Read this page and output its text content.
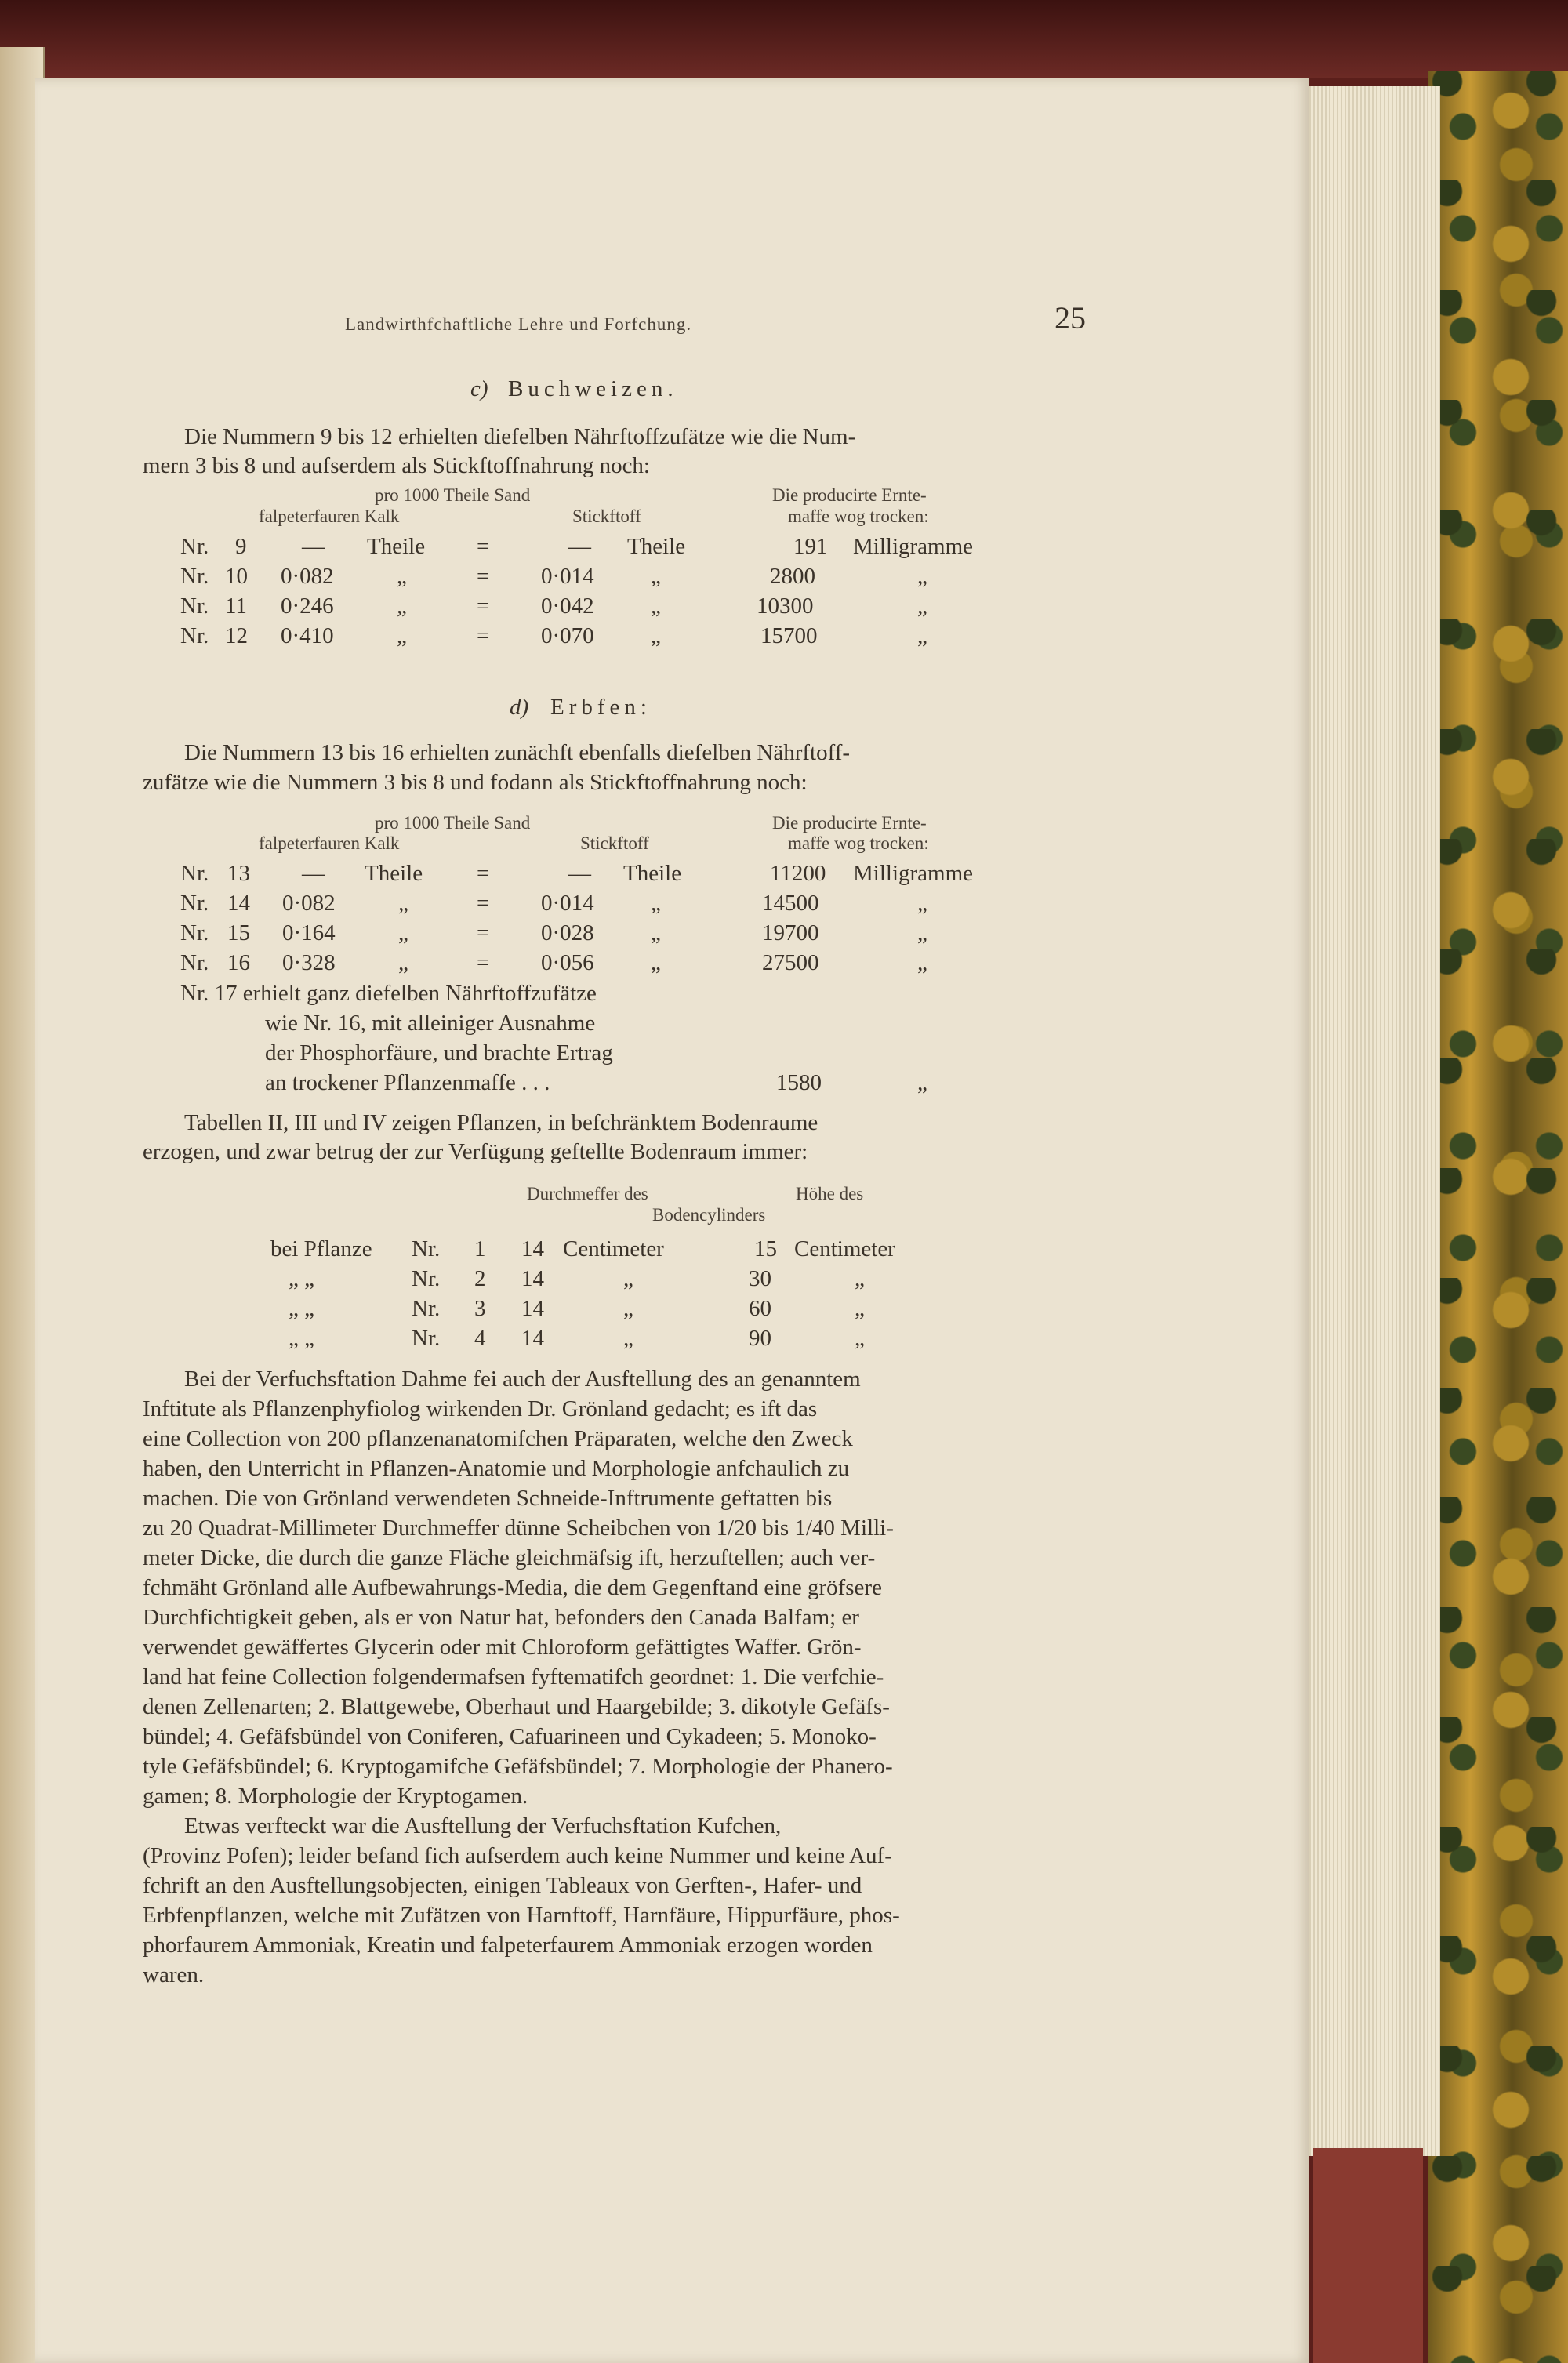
Landwirthfchaftliche Lehre und Forfchung.	25
c) Buchweizen.
Die Nummern 9 bis 12 erhielten diefelben Nährftoffzufätze wie die Num-
mern 3 bis 8 und aufserdem als Stickftoffnahrung noch:
pro 1000 Theile Sand
falpeterfauren Kalk	Stickftoff
Die producirte Ernte-
maffe wog trocken:
Nr. 9 — Theile =	— Theile	191 Milligramme
Nr. 10 0·082	„	= 0·014 „	2800	„
Nr. 11 0·246	„	= 0·042 „	10300	„
Nr. 12 0·410	„	= 0·070 „	15700	„
d) Erbfen:
Die Nummern 13 bis 16 erhielten zunächft ebenfalls diefelben Nährftoff-
zufätze wie die Nummern 3 bis 8 und fodann als Stickftoffnahrung noch:
pro 1000 Theile Sand
falpeterfauren Kalk	Stickftoff
Die producirte Ernte-
maffe wog trocken:
Nr. 13 — Theile =	— Theile	11200 Milligramme
Nr. 14 0·082	„	= 0·014 „	14500	„
Nr. 15 0·164	„	= 0·028 „	19700	„
Nr. 16 0·328	„	= 0·056 „	27500	„
Nr. 17 erhielt ganz diefelben Nährftoffzufätze
wie Nr. 16, mit alleiniger Ausnahme
der Phosphorfäure, und brachte Ertrag
an trockener Pflanzenmaffe . . .	1580	„
Tabellen II, III und IV zeigen Pflanzen, in befchränktem Bodenraume
erzogen, und zwar betrug der zur Verfügung geftellte Bodenraum immer:
Durchmeffer des
Bodencylinders
Höhe des
bei Pflanze Nr. 1 14 Centimeter	15 Centimeter
„ „	Nr. 2 14	„	30	„
„ „	Nr. 3 14	„	60	„
„ „	Nr. 4 14	„	90	„
Bei der Verfuchsftation Dahme fei auch der Ausftellung des an genanntem
Inftitute als Pflanzenphyfiolog wirkenden Dr. Grönland gedacht; es ift das
eine Collection von 200 pflanzenanatomifchen Präparaten, welche den Zweck
haben, den Unterricht in Pflanzen-Anatomie und Morphologie anfchaulich zu
machen. Die von Grönland verwendeten Schneide-Inftrumente geftatten bis
zu 20 Quadrat-Millimeter Durchmeffer dünne Scheibchen von 1/20 bis 1/40 Milli-
meter Dicke, die durch die ganze Fläche gleichmäfsig ift, herzuftellen; auch ver-
fchmäht Grönland alle Aufbewahrungs-Media, die dem Gegenftand eine gröfsere
Durchfichtigkeit geben, als er von Natur hat, befonders den Canada Balfam; er
verwendet gewäffertes Glycerin oder mit Chloroform gefättigtes Waffer. Grön-
land hat feine Collection folgendermafsen fyftematifch geordnet: 1. Die verfchie-
denen Zellenarten; 2. Blattgewebe, Oberhaut und Haargebilde; 3. dikotyle Gefäfs-
bündel; 4. Gefäfsbündel von Coniferen, Cafuarineen und Cykadeen; 5. Monoko-
tyle Gefäfsbündel; 6. Kryptogamifche Gefäfsbündel; 7. Morphologie der Phanero-
gamen; 8. Morphologie der Kryptogamen.
Etwas verfteckt war die Ausftellung der Verfuchsftation Kufchen,
(Provinz Pofen); leider befand fich aufserdem auch keine Nummer und keine Auf-
fchrift an den Ausftellungsobjecten, einigen Tableaux von Gerften-, Hafer- und
Erbfenpflanzen, welche mit Zufätzen von Harnftoff, Harnfäure, Hippurfäure, phos-
phorfaurem Ammoniak, Kreatin und falpeterfaurem Ammoniak erzogen worden
waren.
